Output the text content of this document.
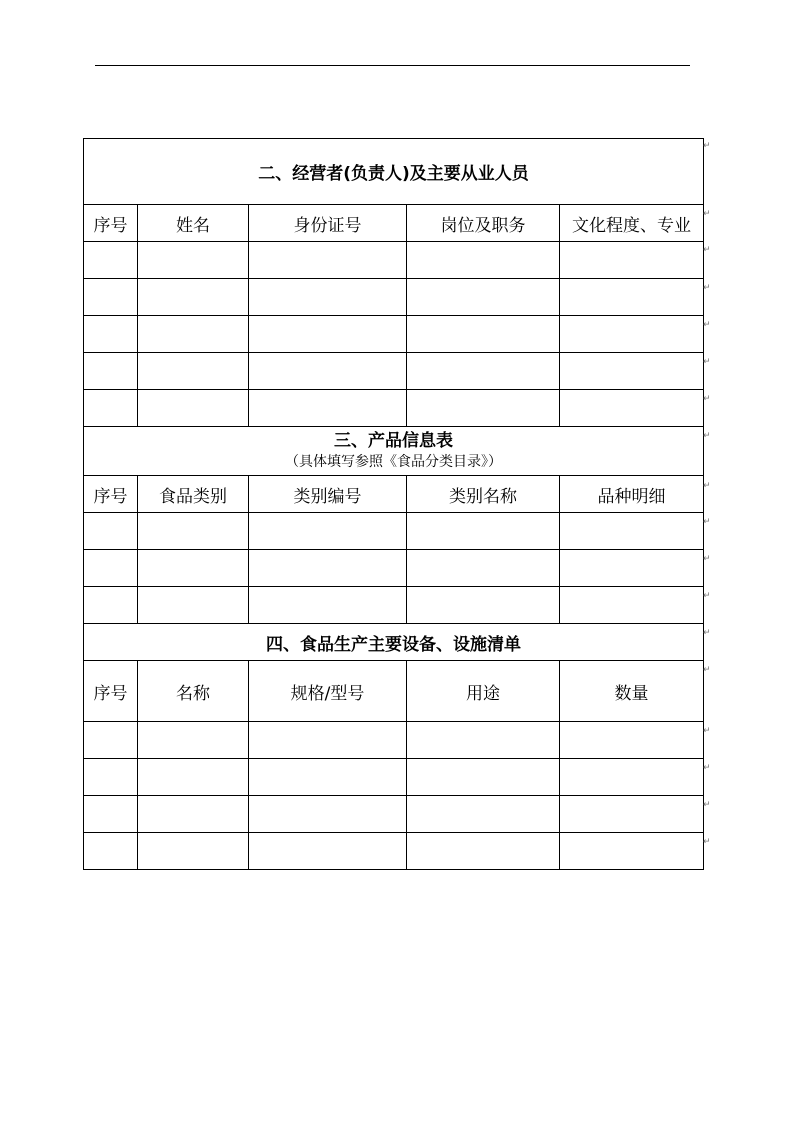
二、经营者(负责人)及主要从业人员				
序号	姓名	身份证号	岗位及职务	文化程度、专业

三、产品信息表
（具体填写参照《食品分类目录》）				

序号	食品类别	类别编号	类别名称	品种明细

四、食品生产主要设备、设施清单				
序号	名称	规格/型号	用途	数量

↵
↵
↵
↵
↵
↵
↵
↵
↵
↵
↵
↵
↵
↵
↵
↵
↵
↵
